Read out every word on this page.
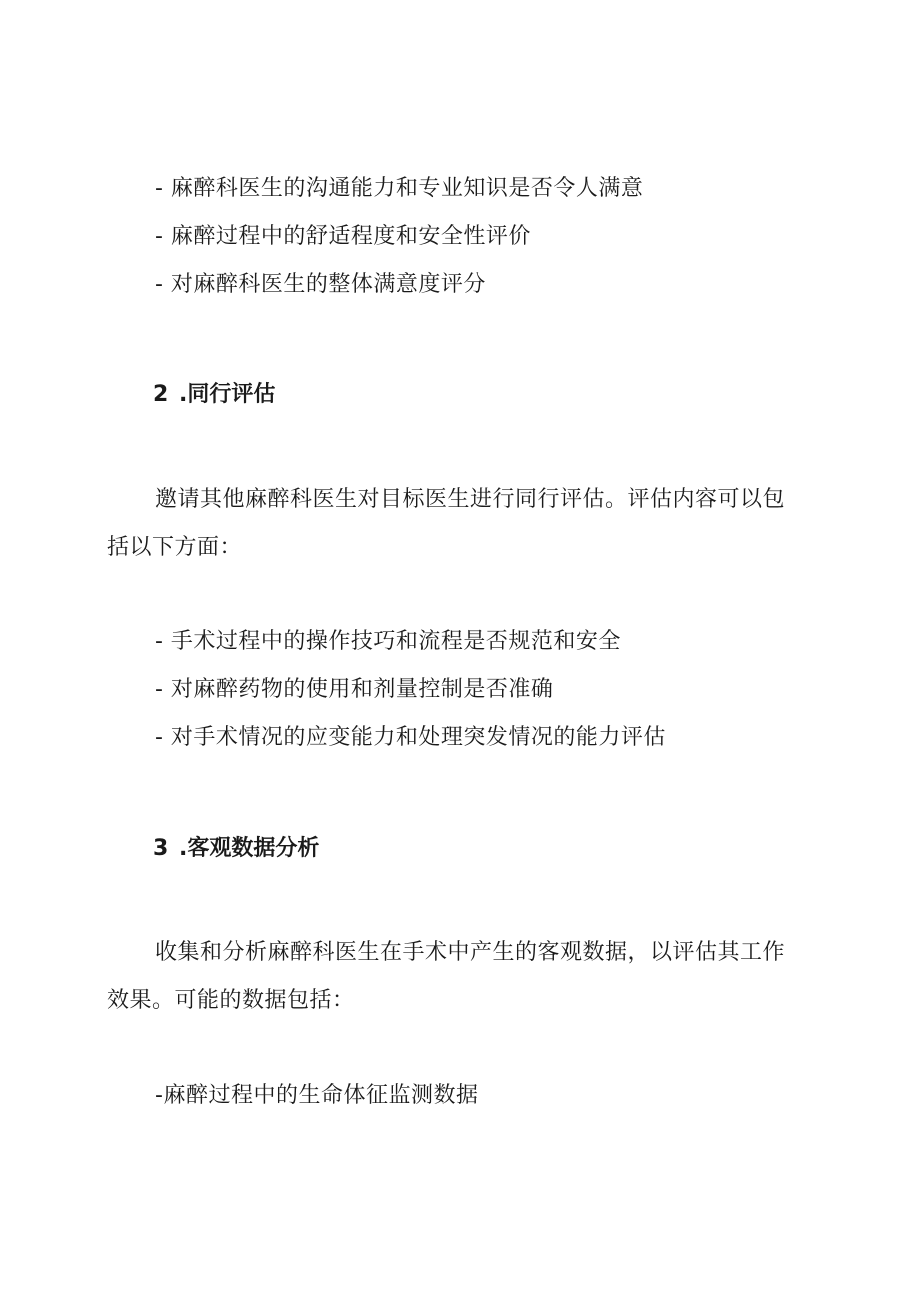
- 麻醉科医生的沟通能力和专业知识是否令人满意
- 麻醉过程中的舒适程度和安全性评价
- 对麻醉科医生的整体满意度评分
2 .同行评估
邀请其他麻醉科医生对目标医生进行同行评估。评估内容可以包
括以下方面：
- 手术过程中的操作技巧和流程是否规范和安全
- 对麻醉药物的使用和剂量控制是否准确
- 对手术情况的应变能力和处理突发情况的能力评估
3 .客观数据分析
收集和分析麻醉科医生在手术中产生的客观数据，以评估其工作
效果。可能的数据包括：
-麻醉过程中的生命体征监测数据
